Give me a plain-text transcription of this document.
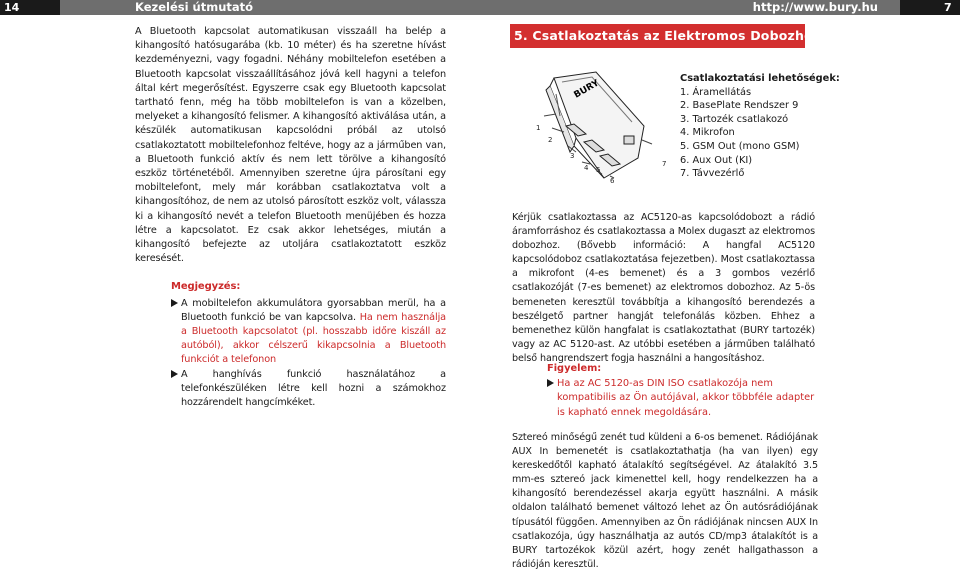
14	Kezelési útmutató	http://www.bury.hu	7

A Bluetooth kapcsolat automatikusan visszaáll ha belép a kihangosító hatósugarába (kb. 10 méter) és ha szeretne hívást kezdeményezni, vagy fogadni. Néhány mobiltelefon esetében a Bluetooth kapcsolat visszaállításához jóvá kell hagyni a telefon által kért megerősítést. Egyszerre csak egy Bluetooth kapcsolat tartható fenn, még ha több mobiltelefon is van a közelben, melyeket a kihangosító felismer. A kihangosító aktiválása után, a készülék automatikusan kapcsolódni próbál az utolsó csatlakoztatott mobiltelefonhoz feltéve, hogy az a járműben van, a Bluetooth funkció aktív és nem lett törölve a kihangosító eszköz történetéből. Amennyiben szeretne újra párosítani egy mobiltelefont, mely már korábban csatlakoztatva volt a kihangosítóhoz, de nem az utolsó párosított eszköz volt, válassza ki a kihangosító nevét a telefon Bluetooth menüjében és hozza létre a kapcsolatot. Ez csak akkor lehetséges, miután a kihangosító befejezte az utoljára csatlakoztatott eszköz keresését.

Megjegyzés:

A mobiltelefon akkumulátora gyorsabban merül, ha a Bluetooth funkció be van kapcsolva. Ha nem használja a Bluetooth kapcsolatot (pl. hosszabb időre kiszáll az autóból), akkor célszerű kikapcsolnia a Bluetooth funkciót a telefonon

A hanghívás funkció használatához a telefonkészüléken létre kell hozni a számokhoz hozzárendelt hangcímkéket.

5. Csatlakoztatás az Elektromos Dobozhoz
BURY
1
2
3
4 5
6
7
Csatlakoztatási lehetőségek:
1. Áramellátás
2. BasePlate Rendszer 9
3. Tartozék csatlakozó
4. Mikrofon
5. GSM Out (mono GSM)
6. Aux Out (KI)
7. Távvezérlő

Kérjük csatlakoztassa az AC5120-as kapcsolódobozt a rádió áramforráshoz és csatlakoztassa a Molex dugaszt az elektromos dobozhoz. (Bővebb információ: A hangfal AC5120 kapcsolódoboz csatlakoztatása fejezetben). Most csatlakoztassa a mikrofont (4-es bemenet) és a 3 gombos vezérlő csatlakozóját (7-es bemenet) az elektromos dobozhoz. Az 5-ös bemeneten keresztül továbbítja a kihangosító berendezés a beszélgető partner hangját telefonálás közben. Ehhez a bemenethez külön hangfalat is csatlakoztathat (BURY tartozék) vagy az AC 5120-ast. Az utóbbi esetében a járműben található belső hangrendszert fogja használni a hangosításhoz.

Figyelem:

Ha az AC 5120-as DIN ISO csatlakozója nem kompatibilis az Ön autójával, akkor többféle adapter is kapható ennek megoldására.

Sztereó minőségű zenét tud küldeni a 6-os bemenet. Rádiójának AUX In bemenetét is csatlakoztathatja (ha van ilyen) egy kereskedőtől kapható átalakító segítségével. Az átalakító 3.5 mm-es sztereó jack kimenettel kell, hogy rendelkezzen ha a kihangosító berendezéssel akarja együtt használni. A másik oldalon található bemenet változó lehet az Ön autósrádiójának típusától függően. Amennyiben az Ön rádiójának nincsen AUX In csatlakozója, úgy használhatja az autós CD/mp3 átalakítót is a BURY tartozékok közül azért, hogy zenét hallgathasson a rádióján keresztül.
